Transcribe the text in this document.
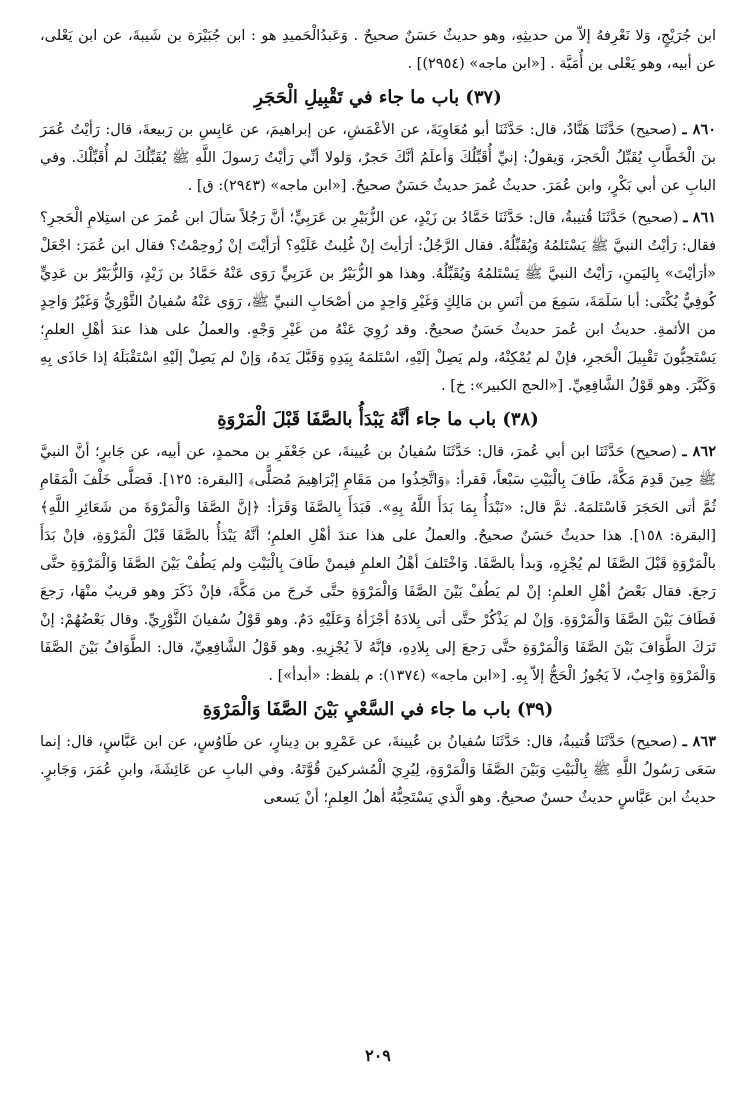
ابن جُرَيْجٍ، وَلا نَعْرِفهُ إلاّ من حديثِهِ، وهو حديثٌ حَسَنٌ صحيحٌ . وَعَبدُالْحَميدِ هو : ابن جُبَيْرَة بن شَيبةَ، عن ابن يَعْلى، عن أبيه، وهو يَعْلى بن أُمَيَّة . [«ابن ماجه» (٢٩٥٤)] .

(٣٧) باب ما جاء في تَقْبِيلِ الْحَجَرِ

٨٦٠ ـ (صحيح) حَدَّثَنَا هَنَّادٌ، قال: حَدَّثَنَا أبو مُعَاوِيَةَ، عن الأعْمَشِ، عن إبراهيمَ، عن عَابِسِ بن رَبيعةَ، قال: رَأيْتُ عُمَرَ بنَ الْخَطَّابِ يُقَبِّلُ الْحَجرَ، وَيقولُ: إنيِّ أُقَبِّلُكَ وَأعلَمُ أنَّكَ حَجرٌ، وَلولا أنِّي رَأيْتُ رَسولَ اللَّهِ ﷺ يُقَبِّلُكَ لم أُقَبِّلْكَ. وفي البابِ عن أبي بَكْرٍ، وابن عُمَرَ. حديثُ عُمرَ حديثٌ حَسَنٌ صحيحٌ. [«ابن ماجه» (٢٩٤٣): ق] .

٨٦١ ـ (صحيح) حَدَّثَنَا قُتيبةُ، قال: حَدَّثَنَا حَمَّادُ بن زَيْدٍ، عن الزُّبَيْرِ بن عَرَبِيٍّ؛ أنَّ رَجُلاً سَألَ ابن عُمرَ عن استِلامِ الْحَجرِ؟ فقال: رَأيْتُ النبيَّ ﷺ يَسْتَلمُهُ وَيُقَبِّلُهُ. فقال الرَّجُلُ: أرَأيتَ إنْ غُلِبتُ عَلَيْهِ؟ أرَأيْتَ إنْ زُوحِمْتُ؟ فقال ابن عُمَرَ: اجْعَلْ «أرَأيْتَ» بِاليَمنِ، رَأيْتُ النبيَّ ﷺ يَسْتَلمُهُ وَيُقَبِّلُهُ. وهذا هو الزُّبَيْرُ بن عَرَبِيٍّ رَوَى عَنْهُ حَمَّادُ بن زَيْدٍ، وَالزُّبَيْرُ بن عَدِيٍّ كُوفِيٌّ يُكْنَى: أبا سَلَمَةَ، سَمِعَ من أنَسِ بن مَالِكٍ وَغَيْرِ وَاحِدٍ من أصْحَابِ النبيِّ ﷺ، رَوَى عَنْهُ سُفيانُ الثَّوْرِيُّ وَغَيْرُ وَاحِدٍ من الأئمةِ. حديثُ ابن عُمرَ حديثٌ حَسَنٌ صحيحٌ. وقد رُوِيَ عَنْهُ من غَيْرِ وَجْهٍ. والعملُ على هذا عندَ أهْلِ العلمِ؛ يَسْتَحِبُّونَ تَقْبِيلَ الْحَجرِ، فإنْ لم يُمْكِنْهُ، ولم يَصِلْ إلَيْهِ، اسْتَلمَهُ بِيَدِهِ وَقَبَّلَ يَدهُ، وَإنْ لم يَصِلْ إلَيْهِ اسْتَقْبَلَهُ إذا حَاذَى بِهِ وَكَبَّرَ. وهو قَوْلُ الشَّافِعِيِّ. [«الحج الكبير»: خ] .

(٣٨) باب ما جاء أنَّهُ يَبْدَأُ بالصَّفَا قَبْلَ الْمَرْوَةِ

٨٦٢ ـ (صحيح) حَدَّثَنَا ابن أبي عُمرَ، قال: حَدَّثَنَا سُفيانُ بن عُيينةَ، عن جَعْفَرِ بن محمدٍ، عن أبيه، عن جَابرٍ؛ أنَّ النبيَّ ﷺ حِينَ قَدِمَ مَكَّةَ، طَافَ بِالْبَيْتِ سَبْعاً، فَقرأ: ﴿وَاتَّخِذُوا من مَقَامِ إبْرَاهِيمَ مُصَلًّى﴾ [البقرة: ١٢٥]. فَصَلَّى خَلْفَ الْمَقَامِ ثُمَّ أتى الحَجَرَ فَاسْتَلمَهُ. ثمَّ قال: «نَبْدَأُ بِمَا بَدَأَ اللَّهُ بِهِ». فَبَدَأَ بِالصَّفَا وَقَرَأ: ﴿إنَّ الصَّفَا وَالْمَرْوَةَ من شَعَائِرِ اللَّهِ﴾ [البقرة: ١٥٨]. هذا حديثٌ حَسَنٌ صحيحٌ. والعملُ على هذا عندَ أهْلِ العلمِ؛ أنَّهُ يَبْدَأُ بالصَّفَا قَبْلَ الْمَرْوَةِ، فإنْ بَدَأَ بالْمَرْوَةِ قَبْلَ الصَّفَا لم يُجْزِهِ، وَبدأ بالصَّفَا. وَاخْتَلفَ أهْلُ العلمِ فيمنْ طَافَ بِالْبَيْتِ ولم يَطُفْ بَيْنَ الصَّفَا وَالْمَرْوَةِ حتَّى رَجعَ. فقال بَعْضُ أهْلِ العلمِ: إنْ لم يَطُفْ بَيْنَ الصَّفَا وَالْمَرْوَةِ حتَّى خَرجَ من مَكَّةَ، فإنْ ذَكَرَ وهو قريبٌ منْهَا، رَجعَ فَطَافَ بَيْنَ الصَّفَا وَالْمَرْوَةِ. وَإنْ لم يَذْكُرْ حتَّى أتى بِلادَهُ أجْزَأهُ وَعَلَيْهِ دَمٌ. وهو قَوْلُ سُفيانَ الثَّوْرِيِّ. وقال بَعْضُهُمْ: إنْ تَرَكَ الطَّوَافَ بَيْنَ الصَّفَا وَالْمَرْوَةِ حتَّى رَجعَ إلى بِلادِهِ، فإنَّهُ لاَ يُجْزِيهِ. وهو قَوْلُ الشَّافِعِيِّ، قال: الطَّوَافُ بَيْنَ الصَّفَا وَالْمَرْوَةِ وَاجِبٌ، لاَ يَجُوزُ الْحَجُّ إلاّ بِهِ. [«ابن ماجه» (١٣٧٤): م بلفظ: «أبدأ»] .

(٣٩) باب ما جاء في السَّعْيِ بَيْنَ الصَّفَا وَالْمَرْوَةِ

٨٦٣ ـ (صحيح) حَدَّثَنَا قُتيبةُ، قال: حَدَّثَنَا سُفيانُ بن عُيينةَ، عن عَمْرِو بن دِينارٍ، عن طَاوُسٍ، عن ابن عَبَّاسٍ، قال: إنما سَعَى رَسُولُ اللَّهِ ﷺ بِالْبَيْتِ وَبَيْنَ الصَّفَا وَالْمَرْوَةِ، لِيُرِيَ الْمُشركينَ قُوَّتَهُ. وفي البابِ عن عَائِشَةَ، وابنِ عُمَرَ، وَجَابرٍ. حديثُ ابن عَبَّاسٍ حديثٌ حسنٌ صحيحٌ. وهو الَّذي يَسْتَحِبُّهُ أهلُ العِلمِ؛ أنْ يَسعى

٢٠٩
